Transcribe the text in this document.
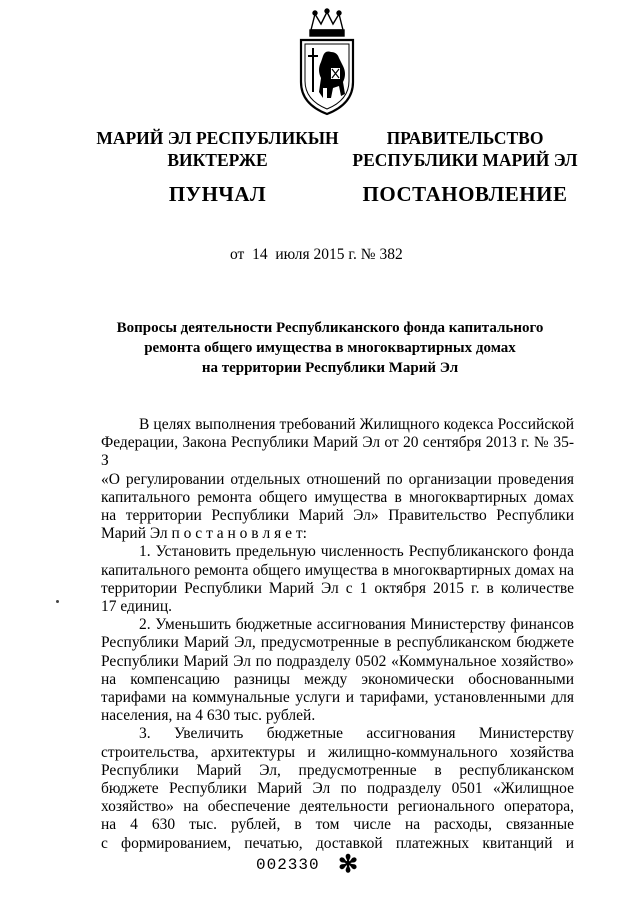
МАРИЙ ЭЛ РЕСПУБЛИКЫН
ВИКТЕРЖЕ
ПУНЧАЛ
ПРАВИТЕЛЬСТВО
РЕСПУБЛИКИ МАРИЙ ЭЛ
ПОСТАНОВЛЕНИЕ
от  14  июля 2015 г. № 382
Вопросы деятельности Республиканского фонда капитального
ремонта общего имущества в многоквартирных домах
на территории Республики Марий Эл
В целях выполнения требований Жилищного кодекса Российской
Федерации, Закона Республики Марий Эл от 20 сентября 2013 г. № 35-З
«О регулировании отдельных отношений по организации проведения
капитального ремонта общего имущества в многоквартирных домах
на территории Республики Марий Эл» Правительство Республики
Марий Эл п о с т а н о в л я е т:
1. Установить предельную численность Республиканского фонда
капитального ремонта общего имущества в многоквартирных домах на
территории Республики Марий Эл с 1 октября 2015 г. в количестве
17 единиц.
2. Уменьшить бюджетные ассигнования Министерству финансов
Республики Марий Эл, предусмотренные в республиканском бюджете
Республики Марий Эл по подразделу 0502 «Коммунальное хозяйство»
на компенсацию разницы между экономически обоснованными
тарифами на коммунальные услуги и тарифами, установленными для
населения, на 4 630 тыс. рублей.
3. Увеличить бюджетные ассигнования Министерству
строительства, архитектуры и жилищно-коммунального хозяйства
Республики Марий Эл, предусмотренные в республиканском
бюджете Республики Марий Эл по подразделу 0501 «Жилищное
хозяйство» на обеспечение деятельности регионального оператора,
на 4 630 тыс. рублей, в том числе на расходы, связанные
с формированием, печатью, доставкой платежных квитанций и
002330 ✻
